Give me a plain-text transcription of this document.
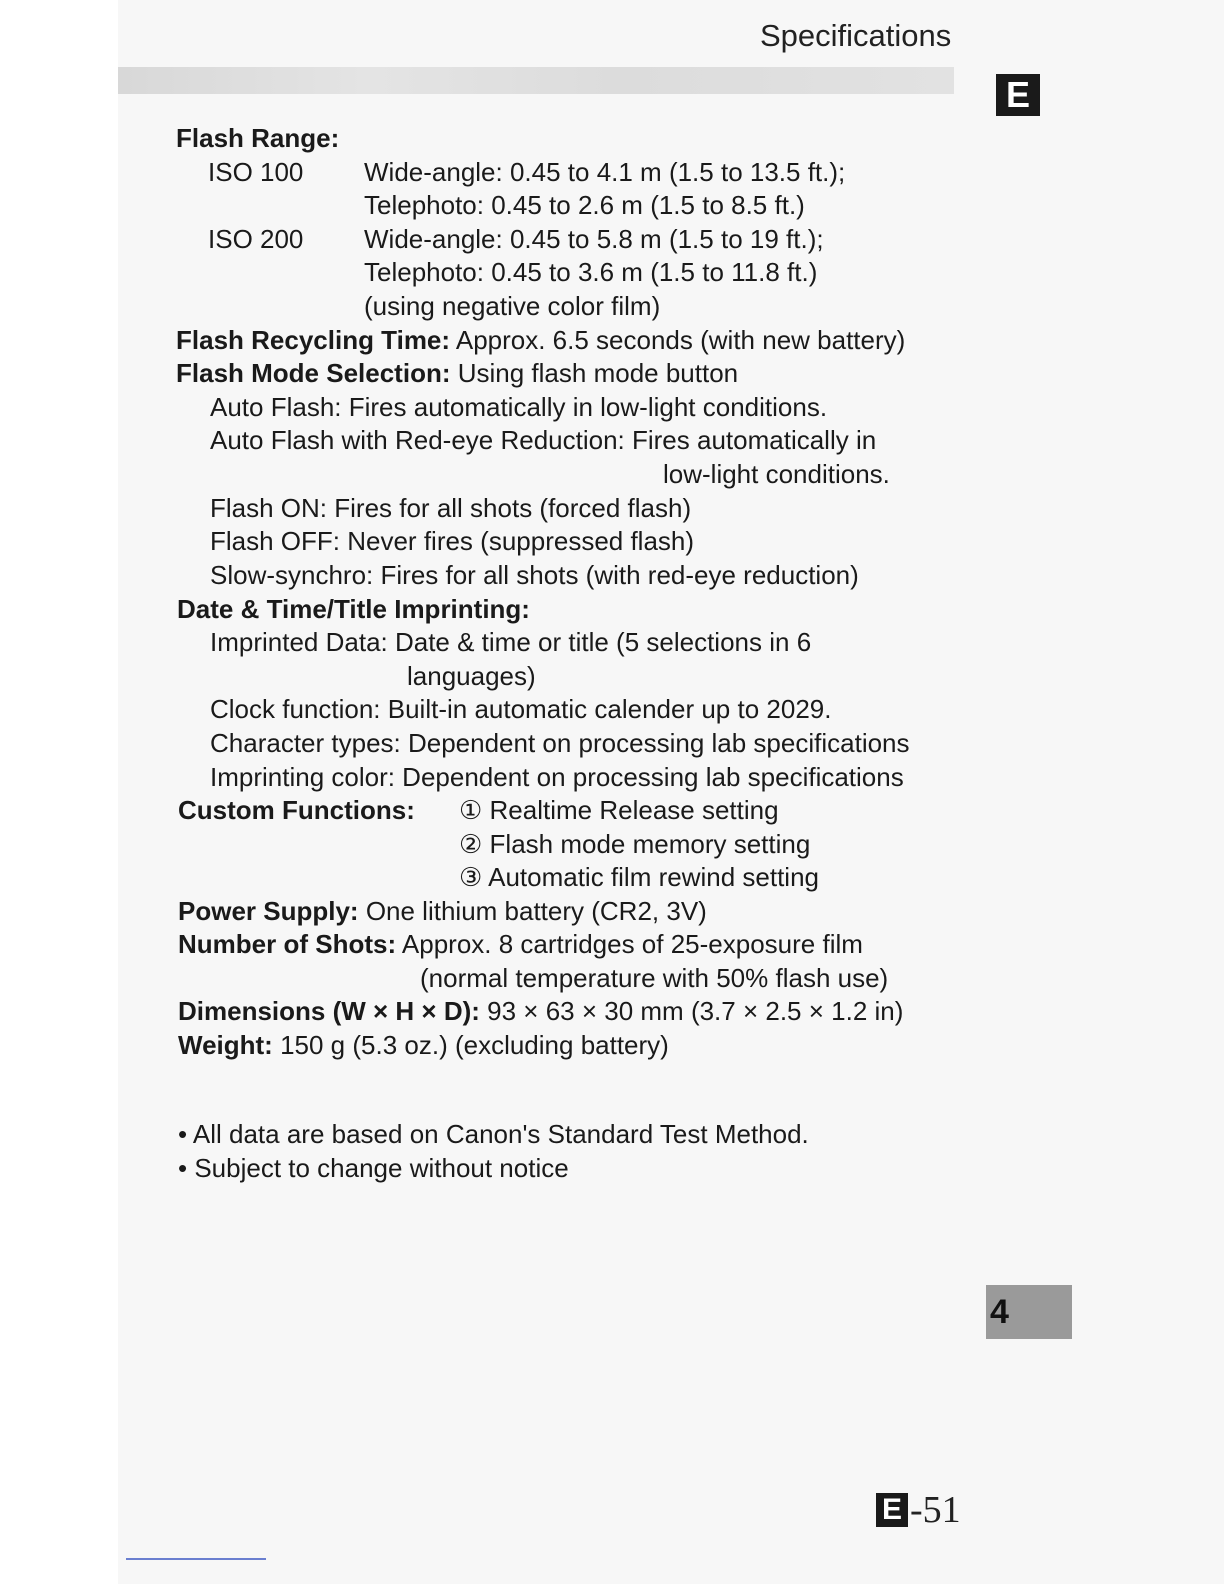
Specifications
E
Flash Range:
ISO 100 Wide-angle: 0.45 to 4.1 m (1.5 to 13.5 ft.);
Telephoto: 0.45 to 2.6 m (1.5 to 8.5 ft.)
ISO 200 Wide-angle: 0.45 to 5.8 m (1.5 to 19 ft.);
Telephoto: 0.45 to 3.6 m (1.5 to 11.8 ft.)
(using negative color film)
Flash Recycling Time: Approx. 6.5 seconds (with new battery)
Flash Mode Selection: Using flash mode button
Auto Flash: Fires automatically in low-light conditions.
Auto Flash with Red-eye Reduction: Fires automatically in
low-light conditions.
Flash ON: Fires for all shots (forced flash)
Flash OFF: Never fires (suppressed flash)
Slow-synchro: Fires for all shots (with red-eye reduction)
Date & Time/Title Imprinting:
Imprinted Data: Date & time or title (5 selections in 6
languages)
Clock function: Built-in automatic calender up to 2029.
Character types: Dependent on processing lab specifications
Imprinting color: Dependent on processing lab specifications
Custom Functions: ① Realtime Release setting
② Flash mode memory setting
③ Automatic film rewind setting
Power Supply: One lithium battery (CR2, 3V)
Number of Shots: Approx. 8 cartridges of 25-exposure film
(normal temperature with 50% flash use)
Dimensions (W × H × D): 93 × 63 × 30 mm (3.7 × 2.5 × 1.2 in)
Weight: 150 g (5.3 oz.) (excluding battery)
• All data are based on Canon's Standard Test Method.
• Subject to change without notice
4
E -51
